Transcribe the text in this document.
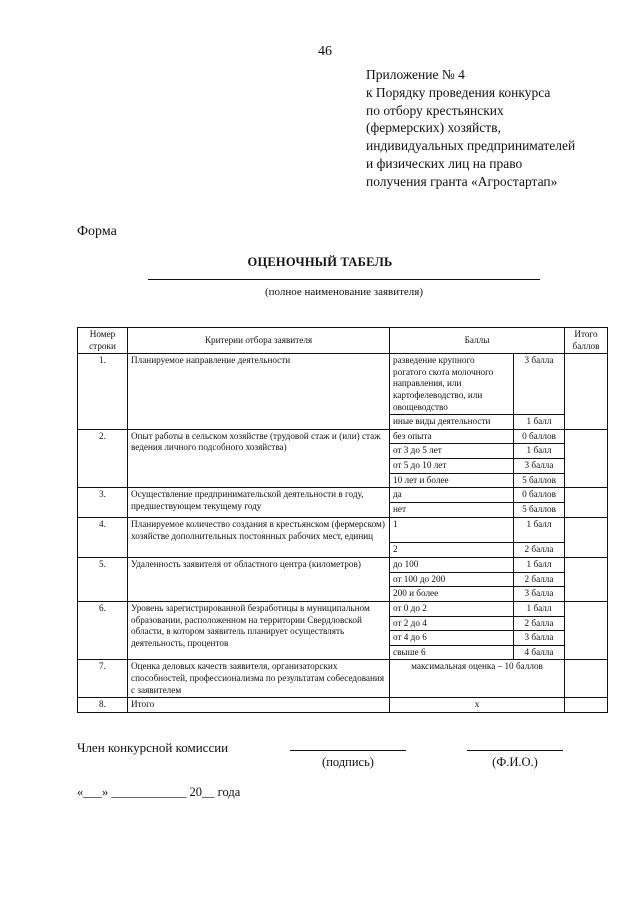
46
Приложение № 4
к Порядку проведения конкурса
по отбору крестьянских
(фермерских) хозяйств,
индивидуальных предпринимателей
и физических лиц на право
получения гранта «Агростартап»
Форма
ОЦЕНОЧНЫЙ ТАБЕЛЬ
(полное наименование заявителя)
Номер строки	Критерии отбора заявителя	Баллы		Итого баллов
1.	Планируемое направление деятельности	разведение крупного рогатого скота молочного направления, или картофелеводство, или овощеводство	3 балла	
		иные виды деятельности	1 балл	
2.	Опыт работы в сельском хозяйстве (трудовой стаж и (или) стаж ведения личного подсобного хозяйства)	без опыта	0 баллов	
		от 3 до 5 лет	1 балл	
		от 5 до 10 лет	3 балла	
		10 лет и более	5 баллов	
3.	Осуществление предпринимательской деятельности в году, предшествующем текущему году	да	0 баллов	
		нет	5 баллов	
4.	Планируемое количество создания в крестьянском (фермерском) хозяйстве дополнительных постоянных рабочих мест, единиц	1	1 балл	
		2	2 балла	
5.	Удаленность заявителя от областного центра (километров)	до 100	1 балл	
		от 100 до 200	2 балла	
		200 и более	3 балла	
6.	Уровень зарегистрированной безработицы в муниципальном образовании, расположенном на территории Свердловской области, в котором заявитель планирует осуществлять деятельность, процентов	от 0 до 2	1 балл	
		от 2 до 4	2 балла	
		от 4 до 6	3 балла	
		свыше 6	4 балла	
7.	Оценка деловых качеств заявителя, организаторских способностей, профессионализма по результатам собеседования с заявителем	максимальная оценка – 10 баллов		
8.	Итого	x		
Член конкурсной комиссии
(подпись)	(Ф.И.О.)
«___» ____________ 20__ года
